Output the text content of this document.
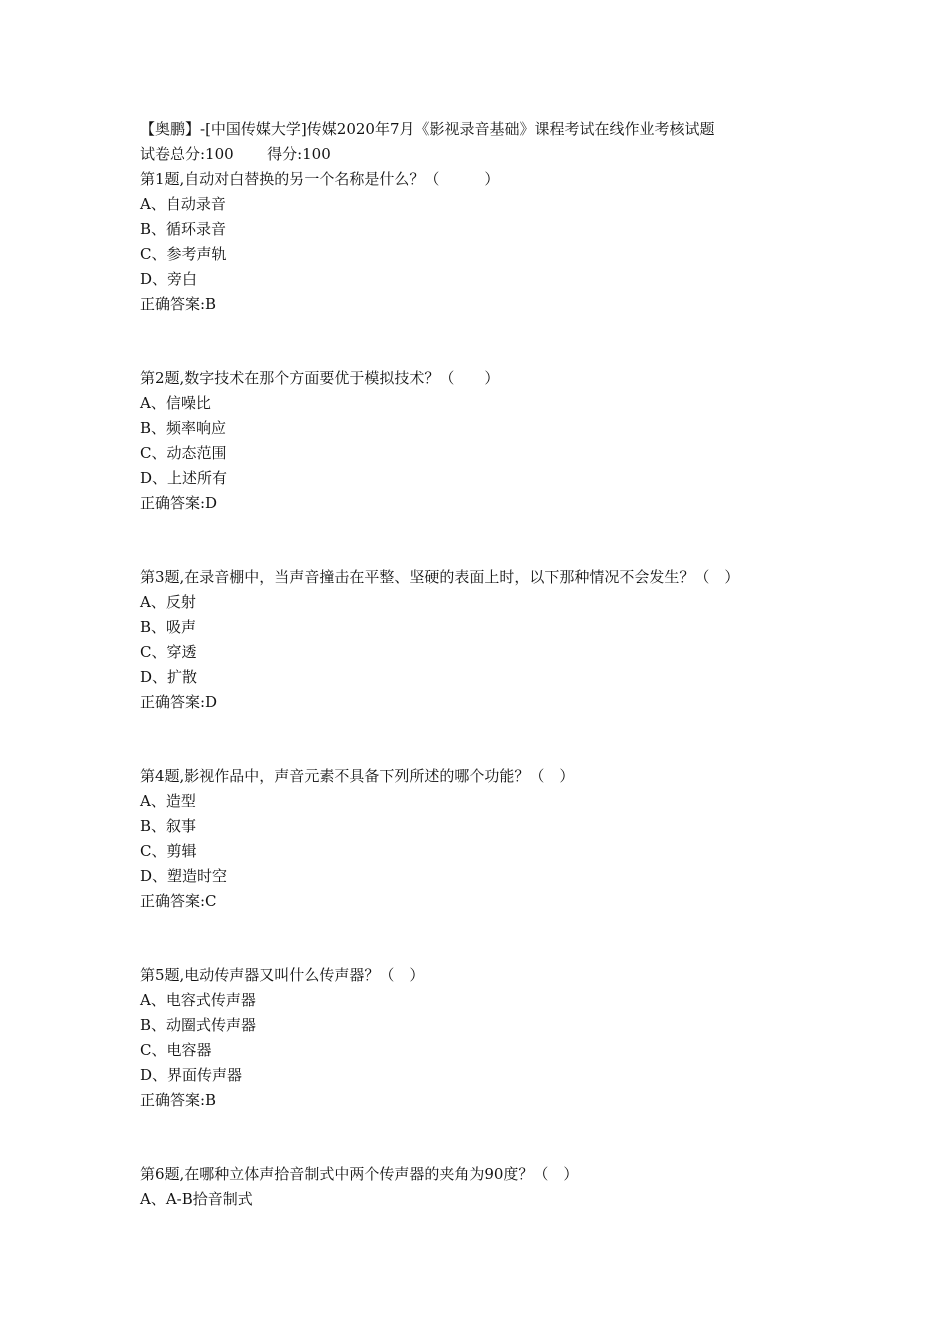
【奥鹏】-[中国传媒大学]传媒2020年7月《影视录音基础》课程考试在线作业考核试题
试卷总分:100 得分:100
第1题,自动对白替换的另一个名称是什么？（　　　）
A、自动录音
B、循环录音
C、参考声轨
D、旁白
正确答案:B
第2题,数字技术在那个方面要优于模拟技术？（　　）
A、信噪比
B、频率响应
C、动态范围
D、上述所有
正确答案:D
第3题,在录音棚中，当声音撞击在平整、坚硬的表面上时，以下那种情况不会发生？（　）
A、反射
B、吸声
C、穿透
D、扩散
正确答案:D
第4题,影视作品中，声音元素不具备下列所述的哪个功能？（　）
A、造型
B、叙事
C、剪辑
D、塑造时空
正确答案:C
第5题,电动传声器又叫什么传声器？（　）
A、电容式传声器
B、动圈式传声器
C、电容器
D、界面传声器
正确答案:B
第6题,在哪种立体声拾音制式中两个传声器的夹角为90度？（　）
A、A-B拾音制式
